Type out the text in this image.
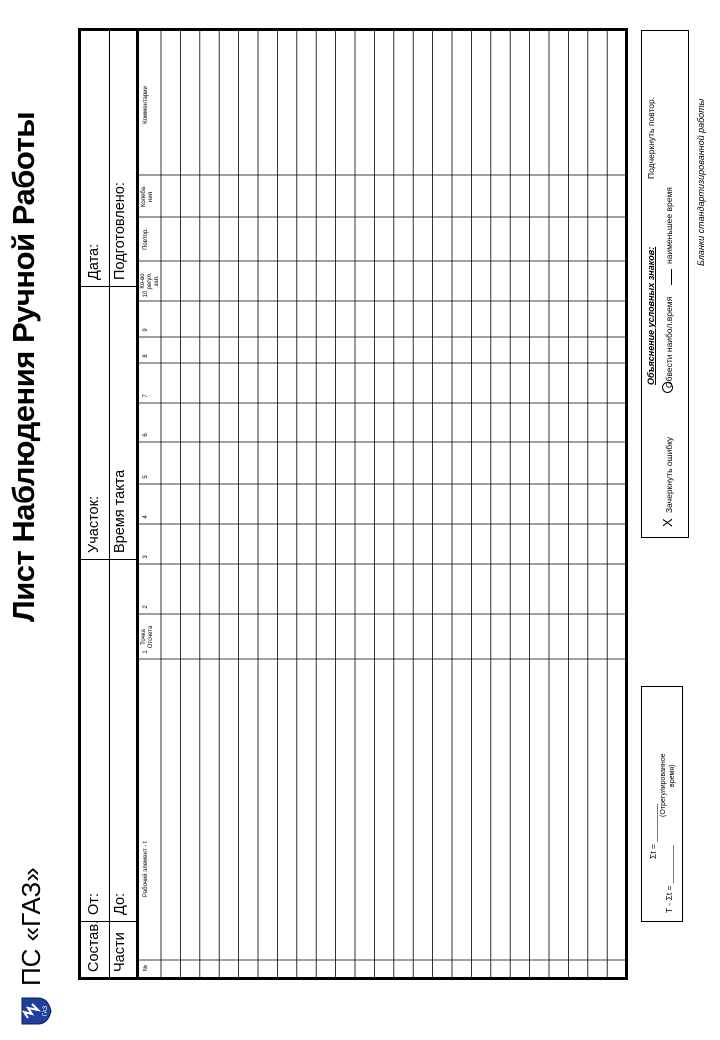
ГАЗ
ПС «ГАЗ»
Лист Наблюдения Ручной Работы
Состав. Части
От: До:
Участок: Время такта
Дата: Подготовлено:
№
Рабочий элемент - t
Точка Отсчета
1
2
3
4
5
6
7
8
9
10
Ко-во регул. зап.
Повтор.
Колеба ния
Комментарии
Σt = ________
T - Σt = ________
(Отрегулированное время)
Объяснение условных знаков:
Х
Зачеркнуть ошибку
Обвести наибол.время
наименьшее время
Подчеркнуть повтор.	Бланки стандартизированной работы
